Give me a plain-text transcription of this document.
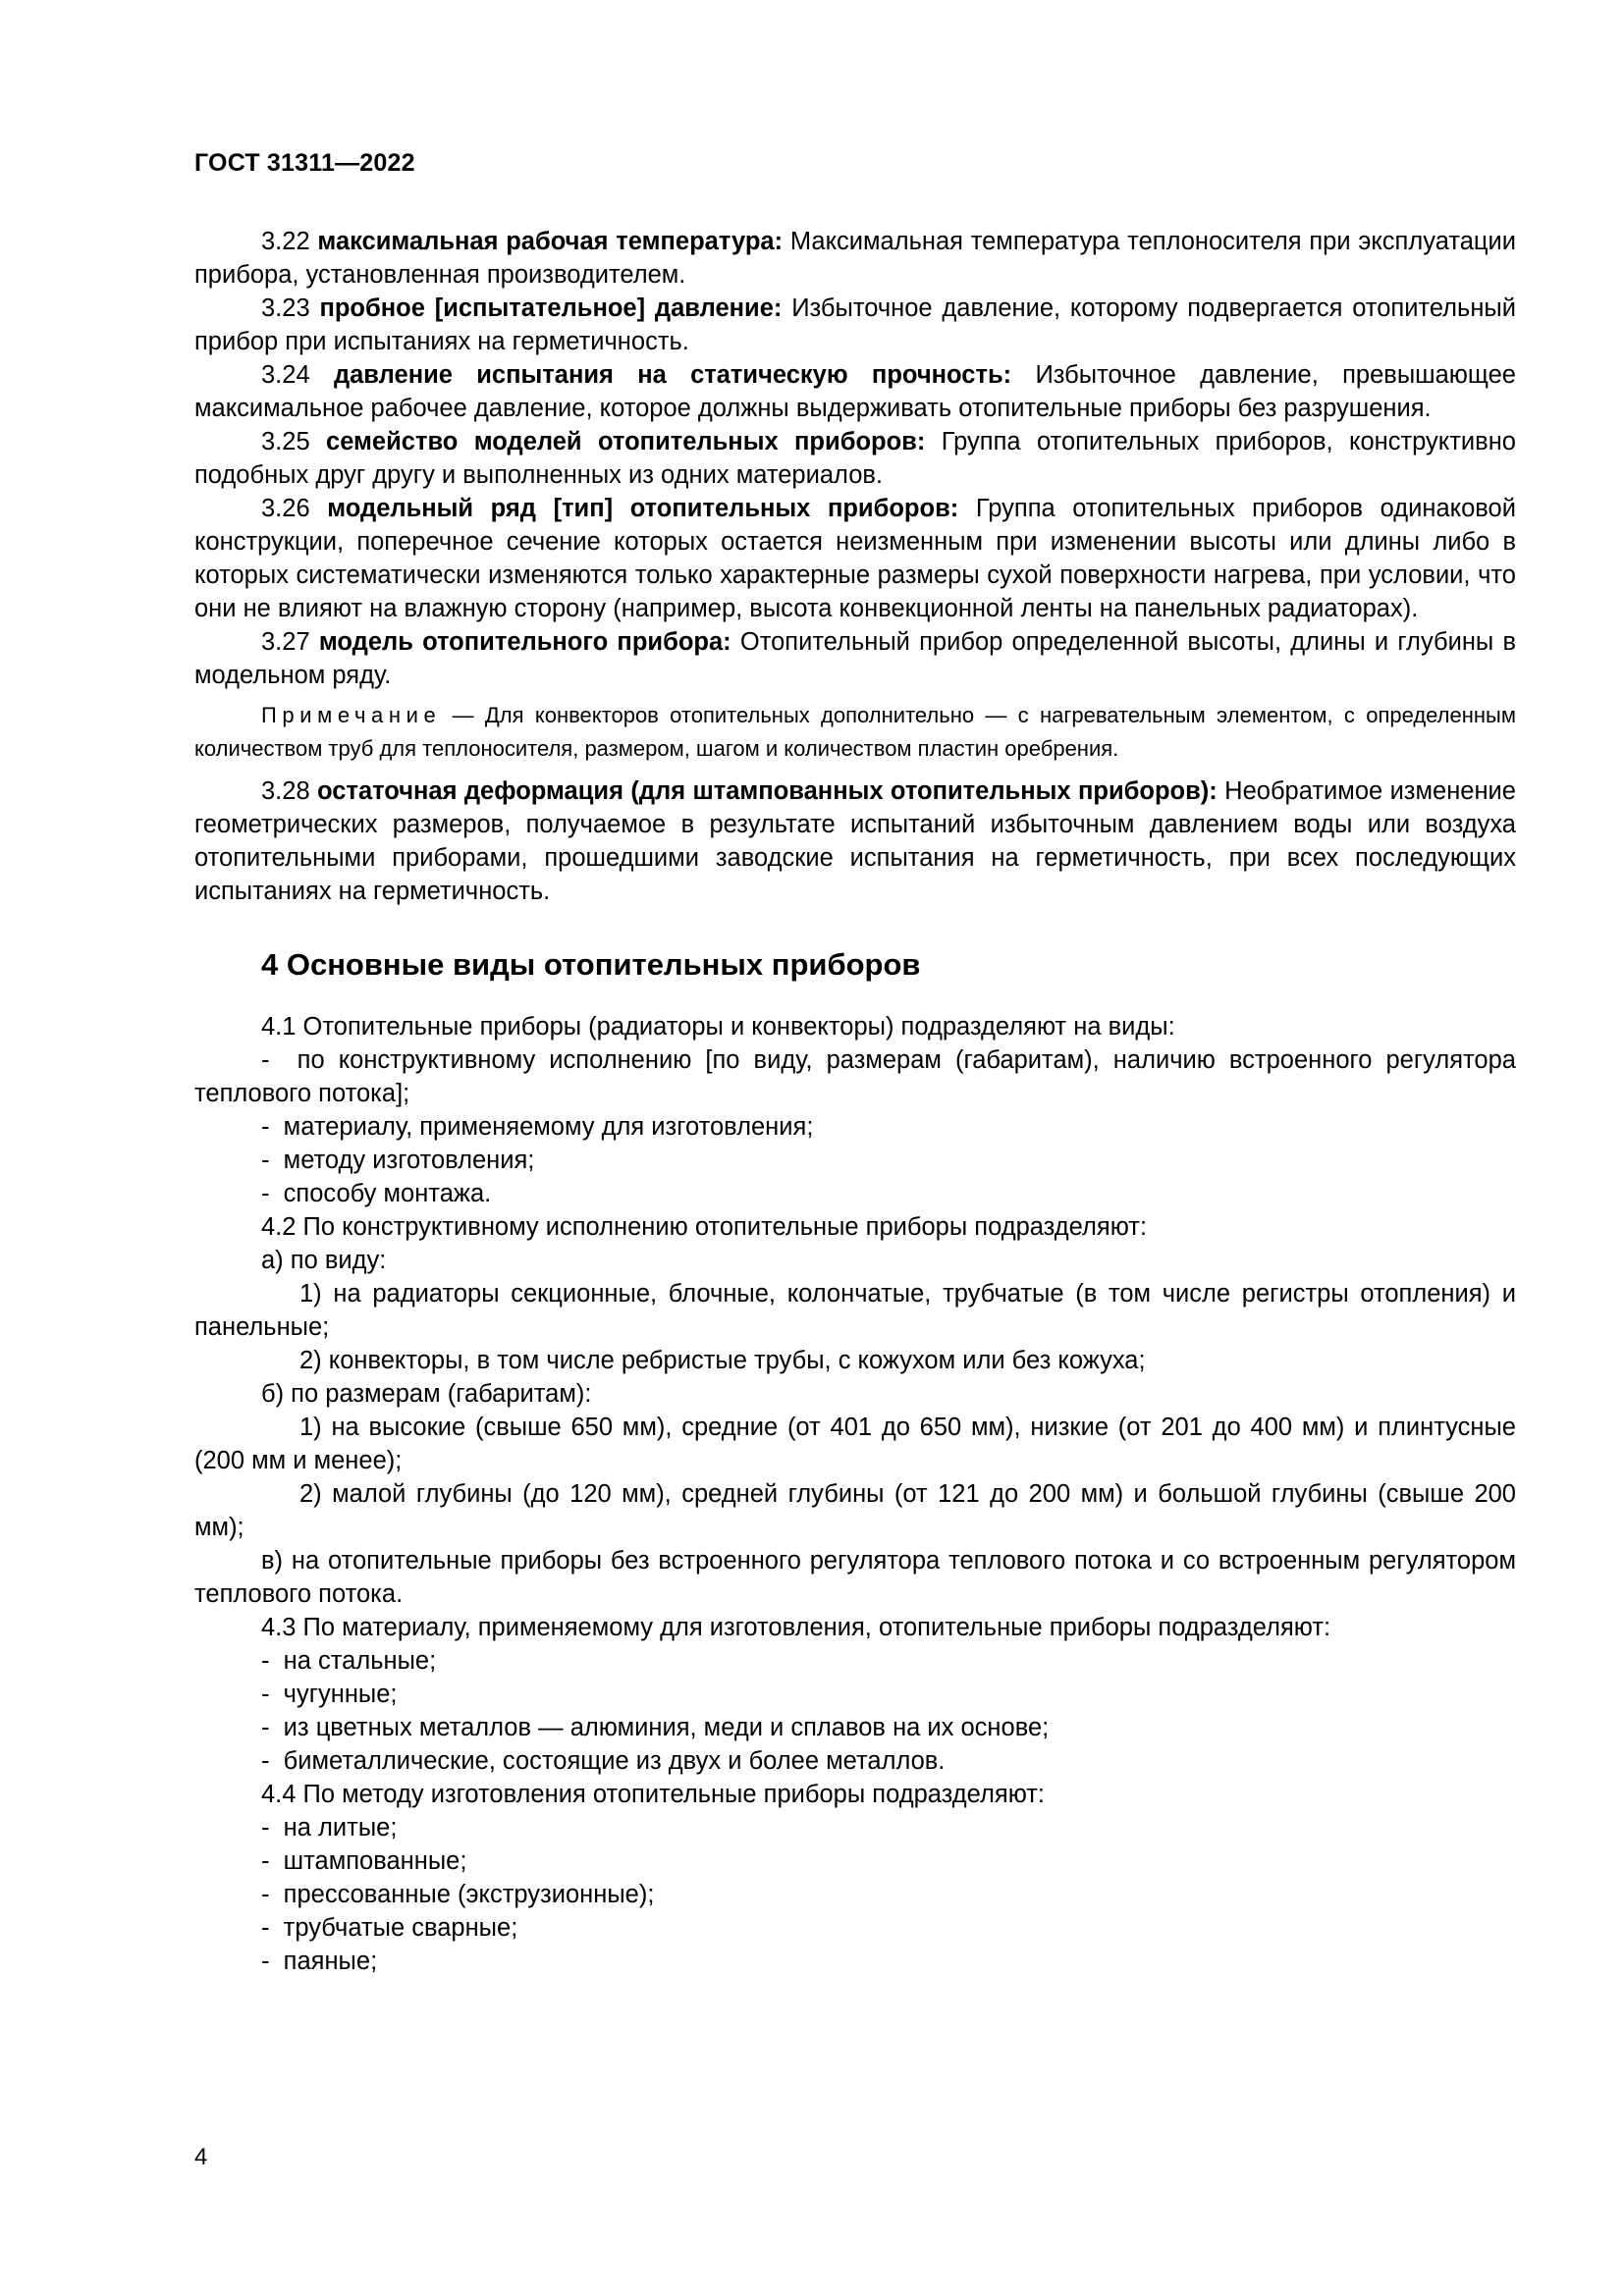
ГОСТ 31311—2022

3.22 максимальная рабочая температура: Максимальная температура теплоносителя при эксплуатации прибора, установленная производителем.

3.23 пробное [испытательное] давление: Избыточное давление, которому подвергается отопительный прибор при испытаниях на герметичность.

3.24 давление испытания на статическую прочность: Избыточное давление, превышающее максимальное рабочее давление, которое должны выдерживать отопительные приборы без разрушения.

3.25 семейство моделей отопительных приборов: Группа отопительных приборов, конструктивно подобных друг другу и выполненных из одних материалов.

3.26 модельный ряд [тип] отопительных приборов: Группа отопительных приборов одинаковой конструкции, поперечное сечение которых остается неизменным при изменении высоты или длины либо в которых систематически изменяются только характерные размеры сухой поверхности нагрева, при условии, что они не влияют на влажную сторону (например, высота конвекционной ленты на панельных радиаторах).

3.27 модель отопительного прибора: Отопительный прибор определенной высоты, длины и глубины в модельном ряду.

Примечание — Для конвекторов отопительных дополнительно — с нагревательным элементом, с определенным количеством труб для теплоносителя, размером, шагом и количеством пластин оребрения.

3.28 остаточная деформация (для штампованных отопительных приборов): Необратимое изменение геометрических размеров, получаемое в результате испытаний избыточным давлением воды или воздуха отопительными приборами, прошедшими заводские испытания на герметичность, при всех последующих испытаниях на герметичность.

4 Основные виды отопительных приборов

4.1 Отопительные приборы (радиаторы и конвекторы) подразделяют на виды:

-  по конструктивному исполнению [по виду, размерам (габаритам), наличию встроенного регулятора теплового потока];

-  материалу, применяемому для изготовления;

-  методу изготовления;

-  способу монтажа.

4.2 По конструктивному исполнению отопительные приборы подразделяют:

а) по виду:

1) на радиаторы секционные, блочные, колончатые, трубчатые (в том числе регистры отопления) и панельные;

2) конвекторы, в том числе ребристые трубы, с кожухом или без кожуха;

б) по размерам (габаритам):

1) на высокие (свыше 650 мм), средние (от 401 до 650 мм), низкие (от 201 до 400 мм) и плинтусные (200 мм и менее);

2) малой глубины (до 120 мм), средней глубины (от 121 до 200 мм) и большой глубины (свыше 200 мм);

в) на отопительные приборы без встроенного регулятора теплового потока и со встроенным регулятором теплового потока.

4.3 По материалу, применяемому для изготовления, отопительные приборы подразделяют:

-  на стальные;

-  чугунные;

-  из цветных металлов — алюминия, меди и сплавов на их основе;

-  биметаллические, состоящие из двух и более металлов.

4.4 По методу изготовления отопительные приборы подразделяют:

-  на литые;

-  штампованные;

-  прессованные (экструзионные);

-  трубчатые сварные;

-  паяные;

4
